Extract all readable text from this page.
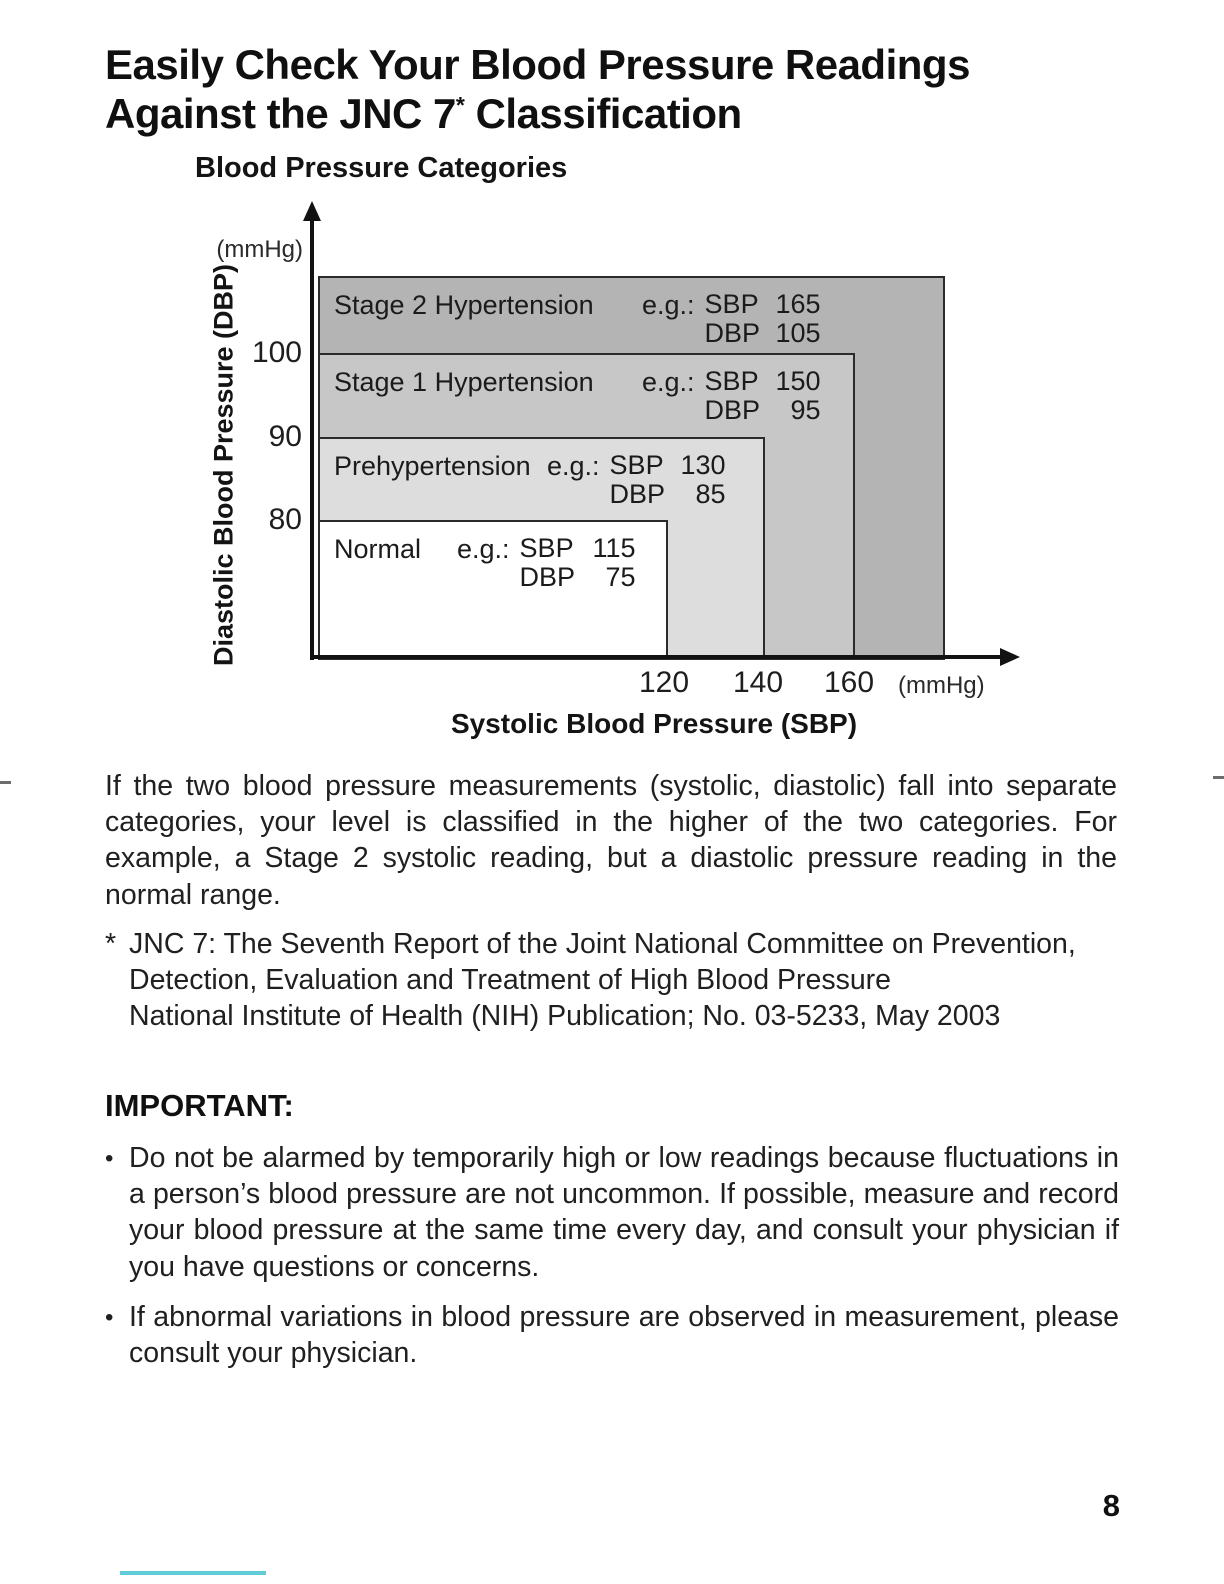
Easily Check Your Blood Pressure Readings
Against the JNC 7* Classification
Blood Pressure Categories
Stage 2 Hypertension e.g.: SBP 165
DBP 105
Stage 1 Hypertension e.g.: SBP 150
DBP 95
Prehypertension e.g.: SBP 130
DBP 85
Normal e.g.: SBP 115
DBP 75
(mmHg)
Diastolic Blood Pressure (DBP) 100
90
80
120	140	160 (mmHg)
Systolic Blood Pressure (SBP)

If the two blood pressure measurements (systolic, diastolic) fall into separate categories, your level is classified in the higher of the two categories. For example, a Stage 2 systolic reading, but a diastolic pressure reading in the normal range.

* JNC 7: The Seventh Report of the Joint National Committee on Prevention, Detection, Evaluation and Treatment of High Blood Pressure
National Institute of Health (NIH) Publication; No. 03-5233, May 2003

IMPORTANT:
• Do not be alarmed by temporarily high or low readings because fluctuations in a person’s blood pressure are not uncommon. If possible, measure and record your blood pressure at the same time every day, and consult your physician if you have questions or concerns.

• If abnormal variations in blood pressure are observed in measurement, please consult your physician.

8
